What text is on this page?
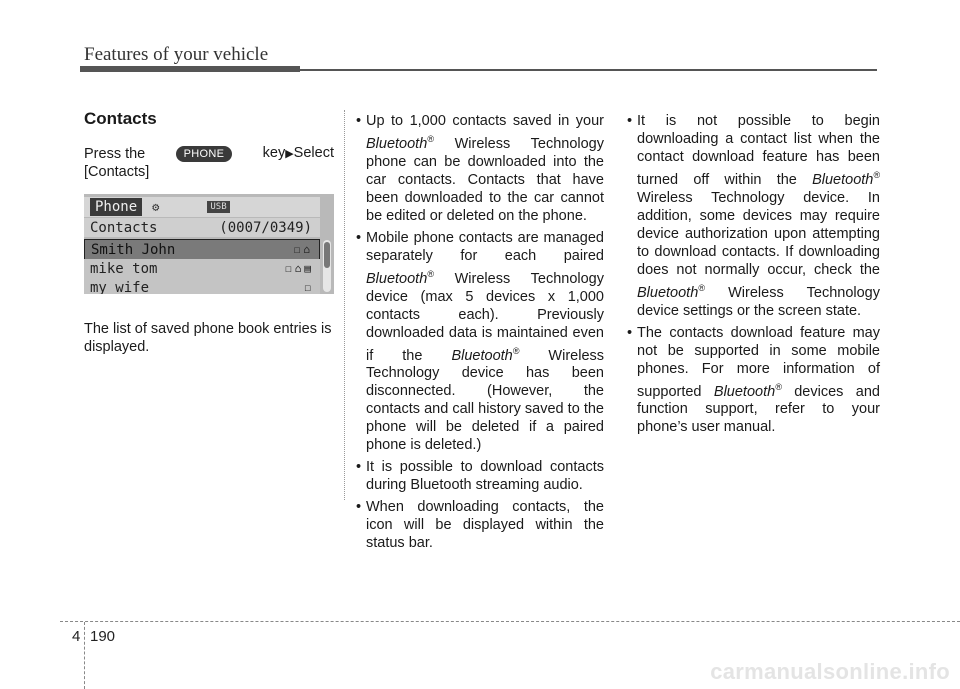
Features of your vehicle
Contacts
Press the	PHONE	key▶Select
[Contacts]
Phone	⚙	USB
Contacts	(0007/0349)
Smith John	☐⌂
mike tom	☐⌂▤
my wife	☐
The list of saved phone book entries is displayed.
• Up to 1,000 contacts saved in your Bluetooth® Wireless Technology phone can be downloaded into the car contacts. Contacts that have been downloaded to the car cannot be edited or deleted on the phone.
• Mobile phone contacts are managed separately for each paired Bluetooth® Wireless Technology device (max 5 devices x 1,000 contacts each). Previously downloaded data is maintained even if the Bluetooth® Wireless Technology device has been disconnected. (However, the contacts and call history saved to the phone will be deleted if a paired phone is deleted.)
• It is possible to download contacts during Bluetooth streaming audio.
• When downloading contacts, the icon will be displayed within the status bar.
• It is not possible to begin downloading a contact list when the contact download feature has been turned off within the Bluetooth® Wireless Technology device. In addition, some devices may require device authorization upon attempting to download contacts. If downloading does not normally occur, check the Bluetooth® Wireless Technology device settings or the screen state.
• The contacts download feature may not be supported in some mobile phones. For more information of supported Bluetooth® devices and function support, refer to your phone’s user manual.
4 190
carmanualsonline.info
